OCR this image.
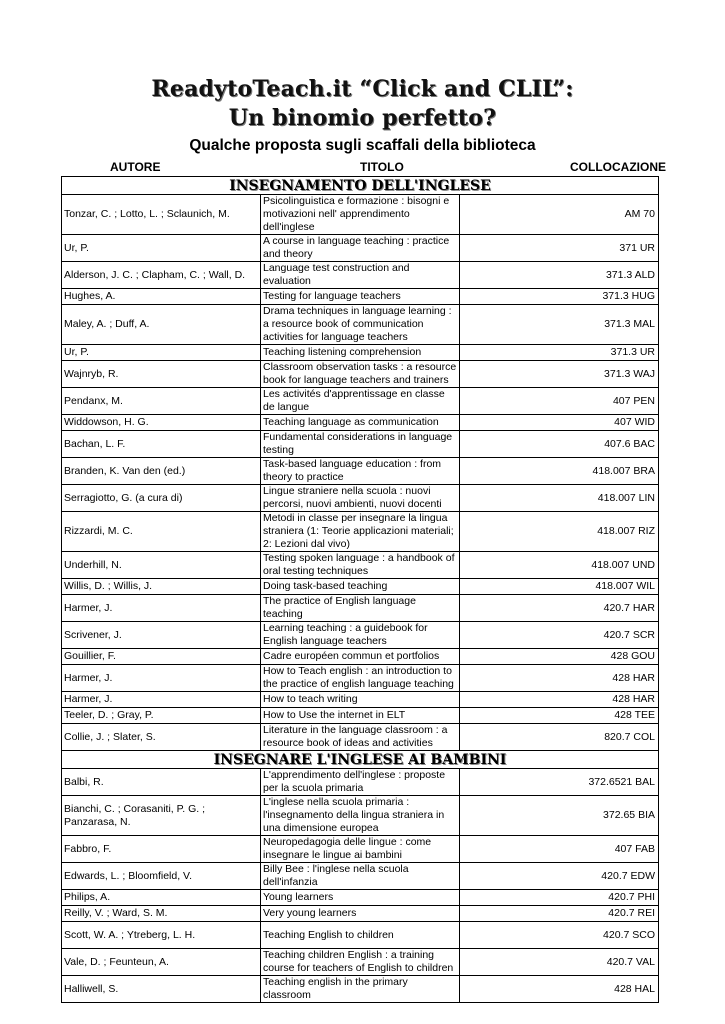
ReadytoTeach.it “Click and CLIL”:
Un binomio perfetto?
Qualche proposta sugli scaffali della biblioteca
AUTORE	TITOLO	COLLOCAZIONE
INSEGNAMENTO DELL'INGLESE		
Tonzar, C. ; Lotto, L. ; Sclaunich, M.	Psicolinguistica e formazione : bisogni e motivazioni nell' apprendimento dell'inglese	AM 70
Ur, P.	A course in language teaching : practice and theory	371 UR
Alderson, J. C. ; Clapham, C. ; Wall, D.	Language test construction and evaluation	371.3 ALD
Hughes, A.	Testing for language teachers	371.3 HUG
Maley, A. ; Duff, A.	Drama techniques in language learning : a resource book of communication activities for language teachers	371.3 MAL
Ur, P.	Teaching listening comprehension	371.3 UR
Wajnryb, R.	Classroom observation tasks : a resource book for language teachers and trainers	371.3 WAJ
Pendanx, M.	Les activités d'apprentissage en classe de langue	407 PEN
Widdowson, H. G.	Teaching language as communication	407 WID
Bachan, L. F.	Fundamental considerations in language testing	407.6 BAC
Branden, K. Van den (ed.)	Task-based language education : from theory to practice	418.007 BRA
Serragiotto, G. (a cura di)	Lingue straniere nella scuola : nuovi percorsi, nuovi ambienti, nuovi docenti	418.007 LIN
Rizzardi, M. C.	Metodi in classe per insegnare la lingua straniera (1: Teorie applicazioni materiali; 2: Lezioni dal vivo)	418.007 RIZ
Underhill, N.	Testing spoken language : a handbook of oral testing techniques	418.007 UND
Willis, D. ; Willis, J.	Doing task-based teaching	418.007 WIL
Harmer, J.	The practice of English language teaching	420.7 HAR
Scrivener, J.	Learning teaching : a guidebook for English language teachers	420.7 SCR
Gouillier, F.	Cadre européen commun et portfolios	428 GOU
Harmer, J.	How to Teach english : an introduction to the practice of english language teaching	428 HAR
Harmer, J.	How to teach writing	428 HAR
Teeler, D. ; Gray, P.	How to Use the internet in ELT	428 TEE
Collie, J. ; Slater, S.	Literature in the language classroom : a resource book of ideas and activities	820.7 COL
INSEGNARE L'INGLESE AI BAMBINI		
Balbi, R.	L'apprendimento dell'inglese : proposte per la scuola primaria	372.6521 BAL
Bianchi, C. ; Corasaniti, P. G. ; Panzarasa, N.	L'inglese nella scuola primaria : l'insegnamento della lingua straniera in una dimensione europea	372.65 BIA
Fabbro, F.	Neuropedagogia delle lingue : come insegnare le lingue ai bambini	407 FAB
Edwards, L. ; Bloomfield, V.	Billy Bee : l'inglese nella scuola dell'infanzia	420.7 EDW
Philips, A.	Young learners	420.7 PHI
Reilly, V. ; Ward, S. M.	Very young learners	420.7 REI
Scott, W. A. ; Ytreberg, L. H.	Teaching English to children	420.7 SCO
Vale, D. ; Feunteun, A.	Teaching children English : a training course for teachers of English to children	420.7 VAL
Halliwell, S.	Teaching english in the primary classroom	428 HAL
